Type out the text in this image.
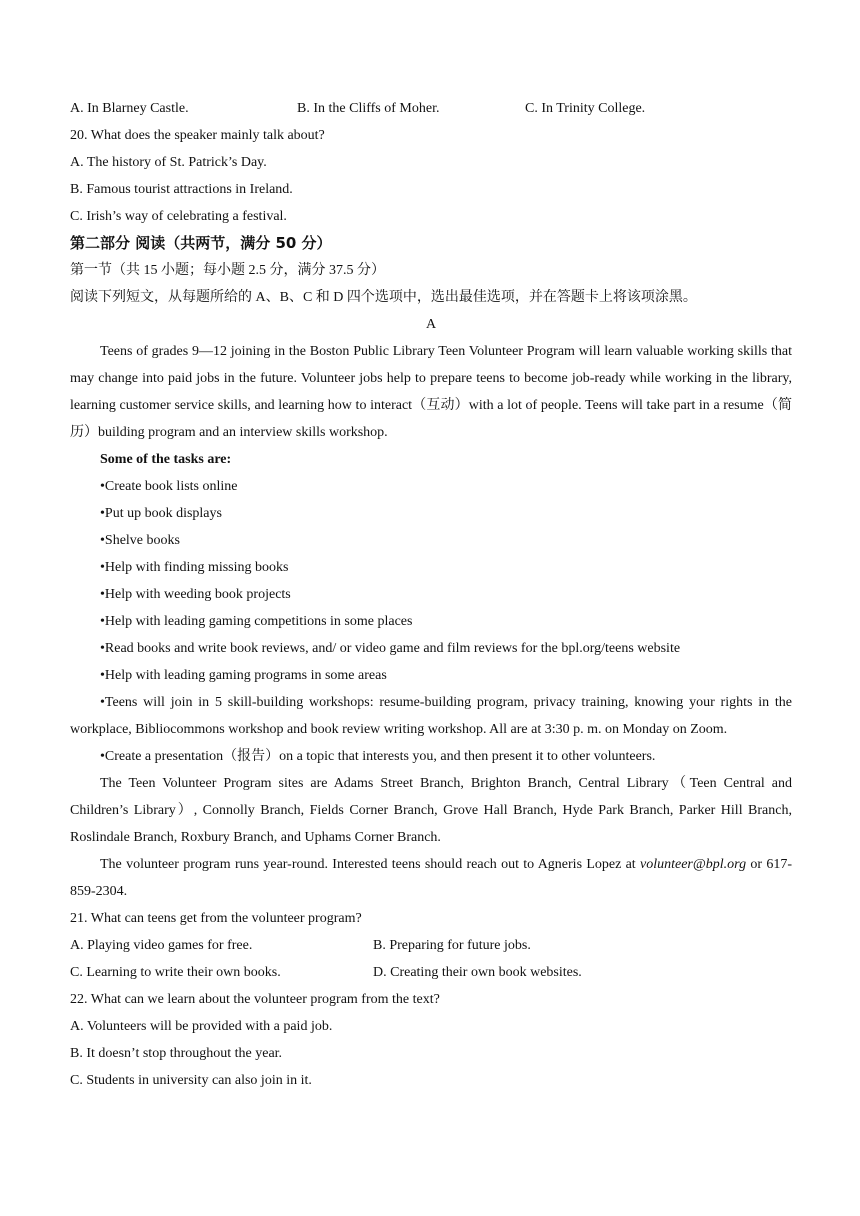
A. In Blarney Castle.	B. In the Cliffs of Moher.	C. In Trinity College.
20. What does the speaker mainly talk about?
A. The history of St. Patrick’s Day.
B. Famous tourist attractions in Ireland.
C. Irish’s way of celebrating a festival.
第二部分 阅读（共两节，满分 50 分）
第一节（共 15 小题；每小题 2.5 分，满分 37.5 分）
阅读下列短文，从每题所给的 A、B、C 和 D 四个选项中，选出最佳选项，并在答题卡上将该项涂黑。
A
Teens of grades 9—12 joining in the Boston Public Library Teen Volunteer Program will learn valuable working skills that may change into paid jobs in the future. Volunteer jobs help to prepare teens to become job-ready while working in the library, learning customer service skills, and learning how to interact（互动）with a lot of people. Teens will take part in a resume（简历）building program and an interview skills workshop.
Some of the tasks are:
•Create book lists online
•Put up book displays
•Shelve books
•Help with finding missing books
•Help with weeding book projects
•Help with leading gaming competitions in some places
•Read books and write book reviews, and/ or video game and film reviews for the bpl.org/teens website
•Help with leading gaming programs in some areas
•Teens will join in 5 skill-building workshops: resume-building program, privacy training, knowing your rights in the workplace, Bibliocommons workshop and book review writing workshop. All are at 3:30 p. m. on Monday on Zoom.
•Create a presentation（报告）on a topic that interests you, and then present it to other volunteers.
The Teen Volunteer Program sites are Adams Street Branch, Brighton Branch, Central Library（Teen Central and Children’s Library）, Connolly Branch, Fields Corner Branch, Grove Hall Branch, Hyde Park Branch, Parker Hill Branch, Roslindale Branch, Roxbury Branch, and Uphams Corner Branch.
The volunteer program runs year-round. Interested teens should reach out to Agneris Lopez at volunteer@bpl.org or 617-859-2304.
21. What can teens get from the volunteer program?
A. Playing video games for free.	B. Preparing for future jobs.
C. Learning to write their own books.	D. Creating their own book websites.
22. What can we learn about the volunteer program from the text?
A. Volunteers will be provided with a paid job.
B. It doesn’t stop throughout the year.
C. Students in university can also join in it.
